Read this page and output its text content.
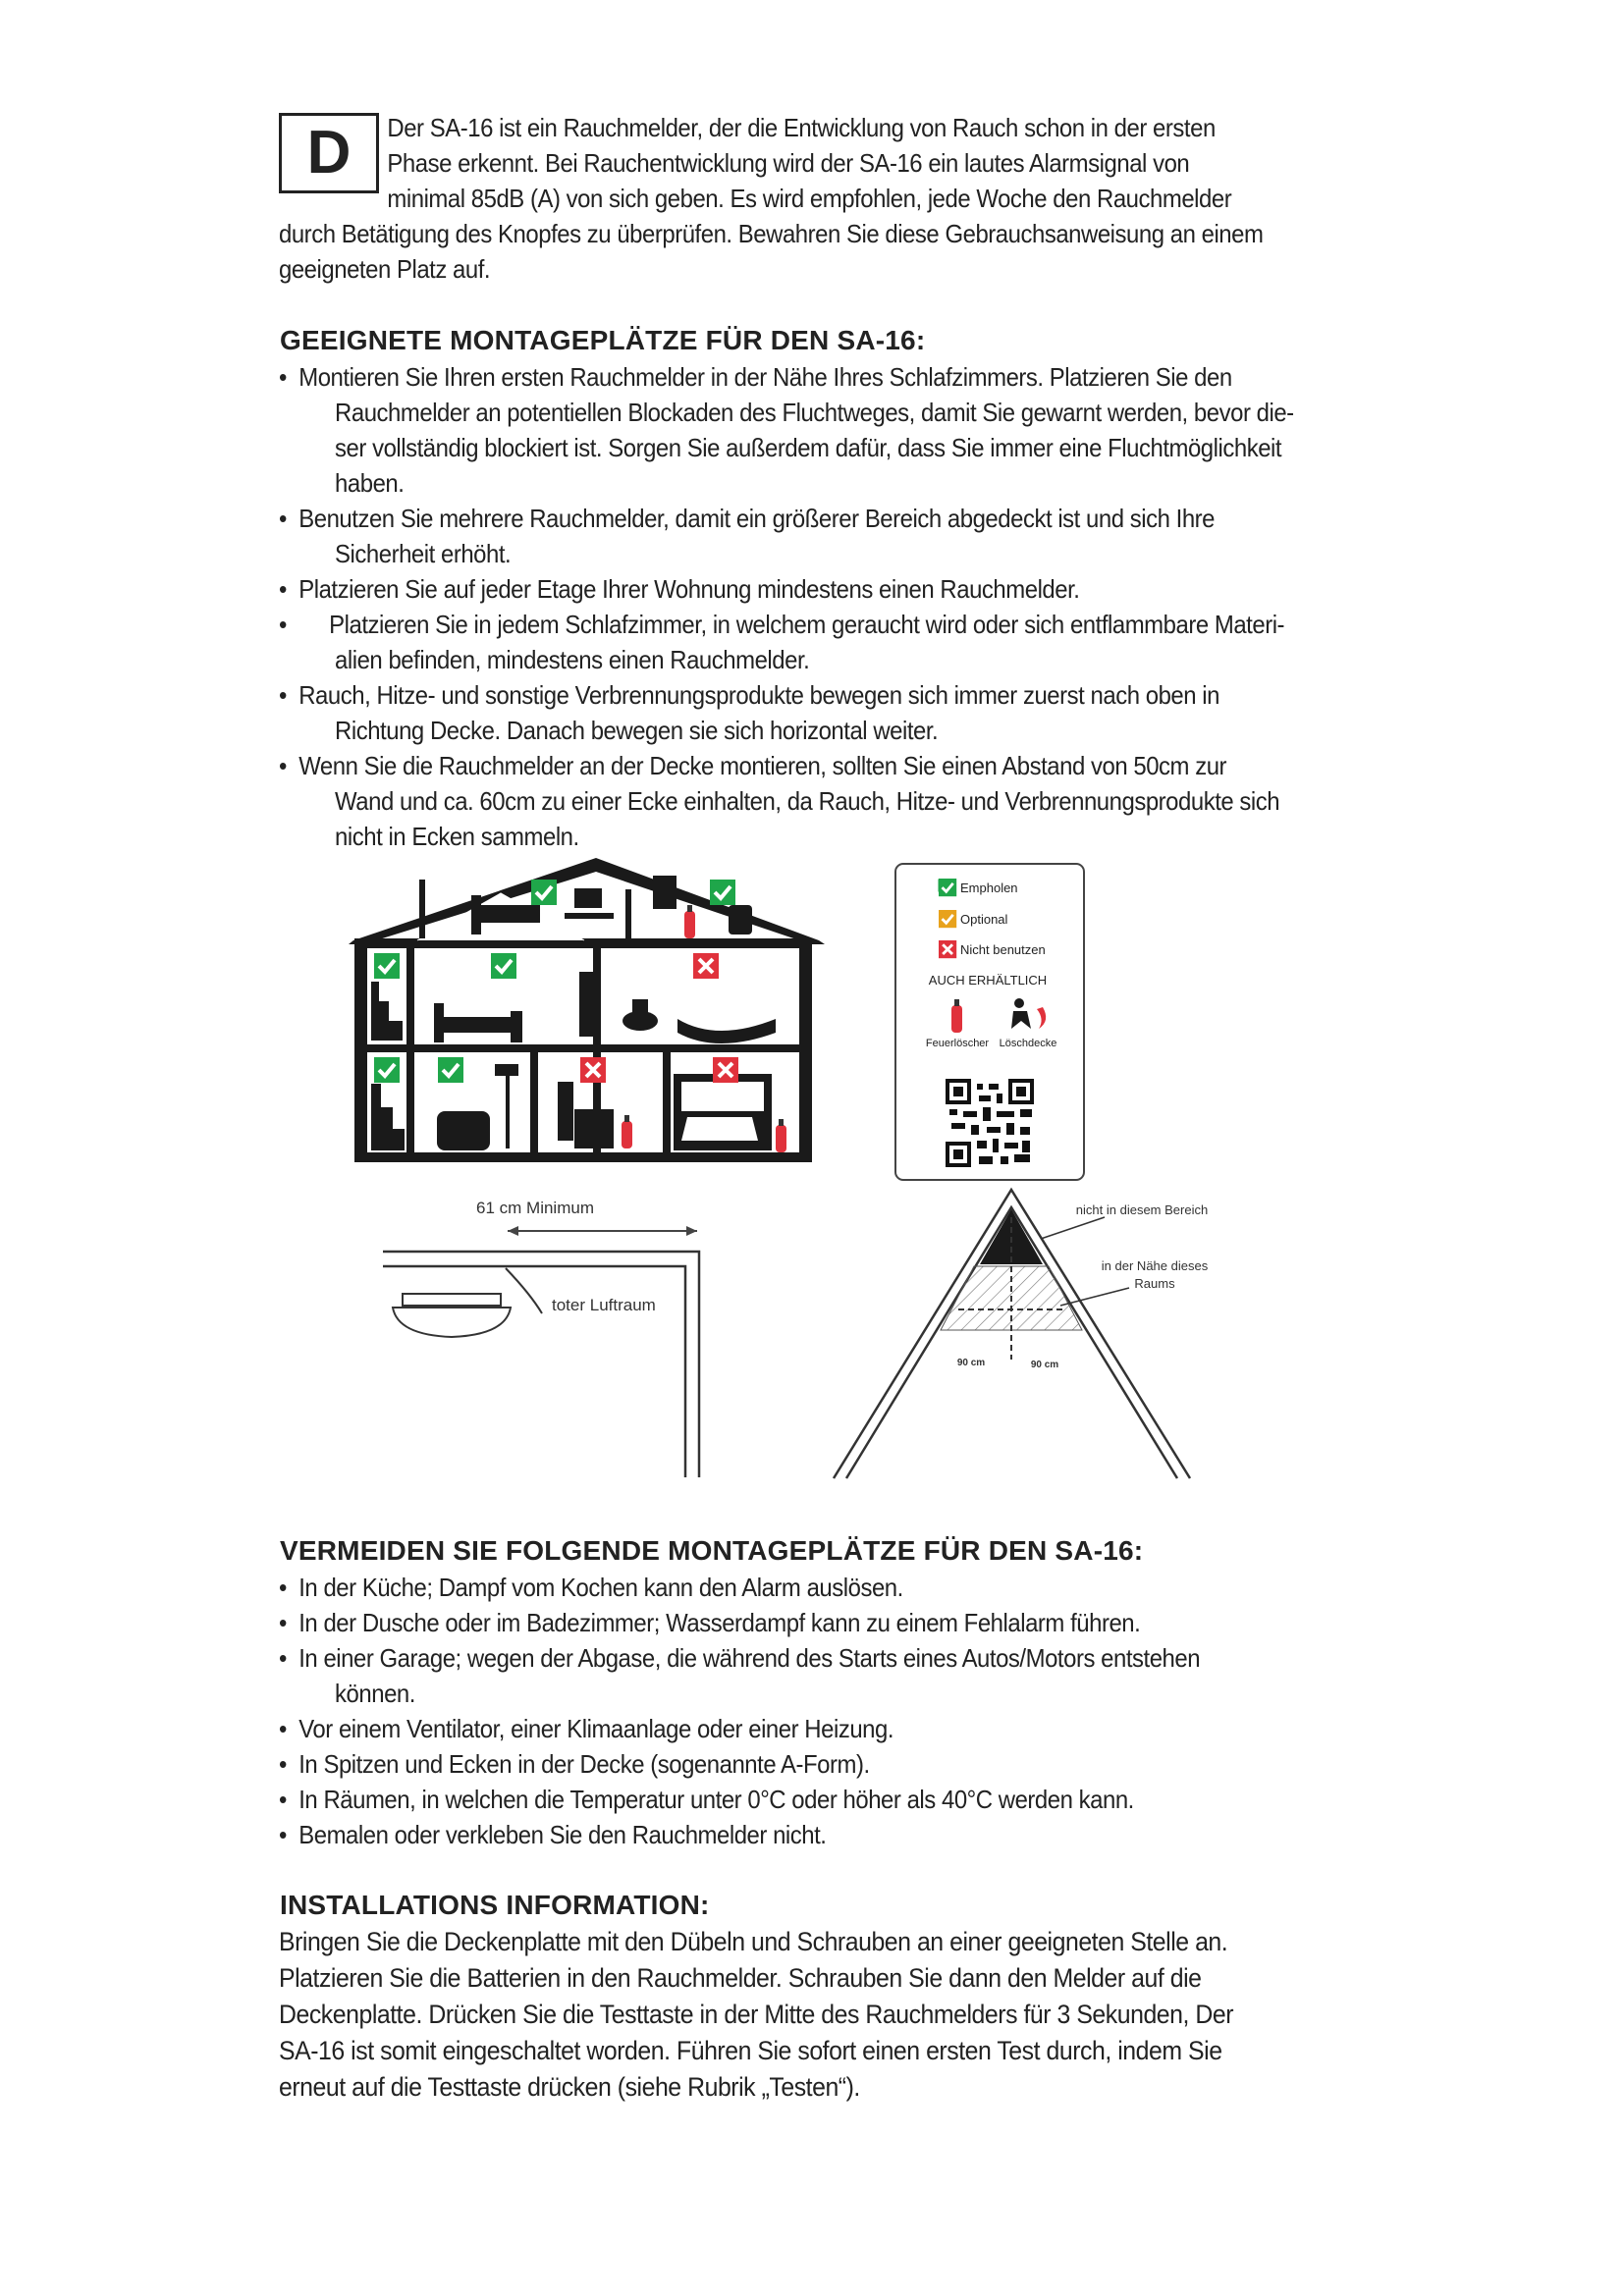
D	Der SA-16 ist ein Rauchmelder, der die Entwicklung von Rauch schon in der ersten
Phase erkennt. Bei Rauchentwicklung wird der SA-16 ein lautes Alarmsignal von
minimal 85dB (A) von sich geben. Es wird empfohlen, jede Woche den Rauchmelder
durch Betätigung des Knopfes zu überprüfen. Bewahren Sie diese Gebrauchsanweisung an einem
geeigneten Platz auf.
GEEIGNETE MONTAGEPLÄTZE FÜR DEN SA-16:
• Montieren Sie Ihren ersten Rauchmelder in der Nähe Ihres Schlafzimmers. Platzieren Sie den
Rauchmelder an potentiellen Blockaden des Fluchtweges, damit Sie gewarnt werden, bevor die-
ser vollständig blockiert ist. Sorgen Sie außerdem dafür, dass Sie immer eine Fluchtmöglichkeit
haben.
• Benutzen Sie mehrere Rauchmelder, damit ein größerer Bereich abgedeckt ist und sich Ihre
Sicherheit erhöht.
• Platzieren Sie auf jeder Etage Ihrer Wohnung mindestens einen Rauchmelder.
• Platzieren Sie in jedem Schlafzimmer, in welchem geraucht wird oder sich entflammbare Materi-
alien befinden, mindestens einen Rauchmelder.
• Rauch, Hitze- und sonstige Verbrennungsprodukte bewegen sich immer zuerst nach oben in
Richtung Decke. Danach bewegen sie sich horizontal weiter.
• Wenn Sie die Rauchmelder an der Decke montieren, sollten Sie einen Abstand von 50cm zur
Wand und ca. 60cm zu einer Ecke einhalten, da Rauch, Hitze- und Verbrennungsprodukte sich
nicht in Ecken sammeln.
Empholen
Optional
Nicht benutzen
AUCH ERHÄLTLICH
Feuerlöscher Löschdecke
61 cm Minimum
toter Luftraum
nicht in diesem Bereich
in der Nähe dieses
Raums
90 cm	90 cm
VERMEIDEN SIE FOLGENDE MONTAGEPLÄTZE FÜR DEN SA-16:
• In der Küche; Dampf vom Kochen kann den Alarm auslösen.
• In der Dusche oder im Badezimmer; Wasserdampf kann zu einem Fehlalarm führen.
• In einer Garage; wegen der Abgase, die während des Starts eines Autos/Motors entstehen
können.
• Vor einem Ventilator, einer Klimaanlage oder einer Heizung.
• In Spitzen und Ecken in der Decke (sogenannte A-Form).
• In Räumen, in welchen die Temperatur unter 0°C oder höher als 40°C werden kann.
• Bemalen oder verkleben Sie den Rauchmelder nicht.
INSTALLATIONS INFORMATION:
Bringen Sie die Deckenplatte mit den Dübeln und Schrauben an einer geeigneten Stelle an.
Platzieren Sie die Batterien in den Rauchmelder. Schrauben Sie dann den Melder auf die
Deckenplatte. Drücken Sie die Testtaste in der Mitte des Rauchmelders für 3 Sekunden, Der
SA-16 ist somit eingeschaltet worden. Führen Sie sofort einen ersten Test durch, indem Sie
erneut auf die Testtaste drücken (siehe Rubrik „Testen“).
